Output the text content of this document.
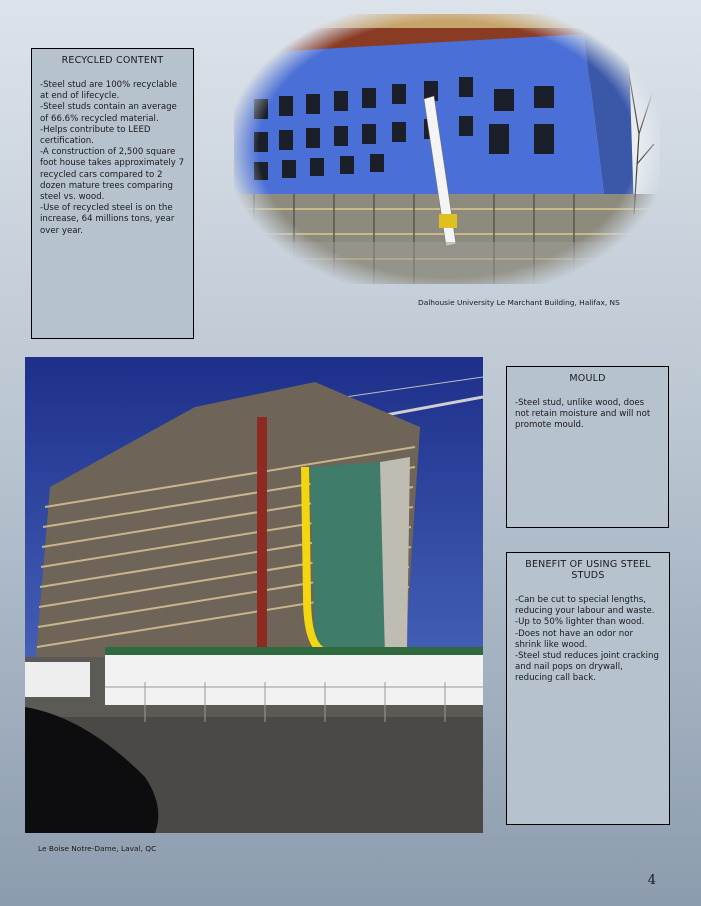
RECYCLED CONTENT

-Steel stud are 100% recyclable at end of lifecycle.
-Steel studs contain an average of 66.6% recycled material.
-Helps contribute to LEED certification.
-A construction of 2,500 square foot house takes approximately 7 recycled cars compared to 2 dozen mature trees comparing steel vs. wood.
-Use of recycled steel is on the increase, 64 millions tons, year over year.

Dalhousie University Le Marchant Building, Halifax, NS
Le Boise Notre-Dame, Laval, QC
MOULD

-Steel stud, unlike wood, does not retain moisture and will not promote mould.

BENEFIT OF USING STEEL STUDS

-Can be cut to special lengths, reducing your labour and waste.
-Up to 50% lighter than wood.
-Does not have an odor nor shrink like wood.
-Steel stud reduces joint cracking and nail pops on drywall, reducing call back.

4
